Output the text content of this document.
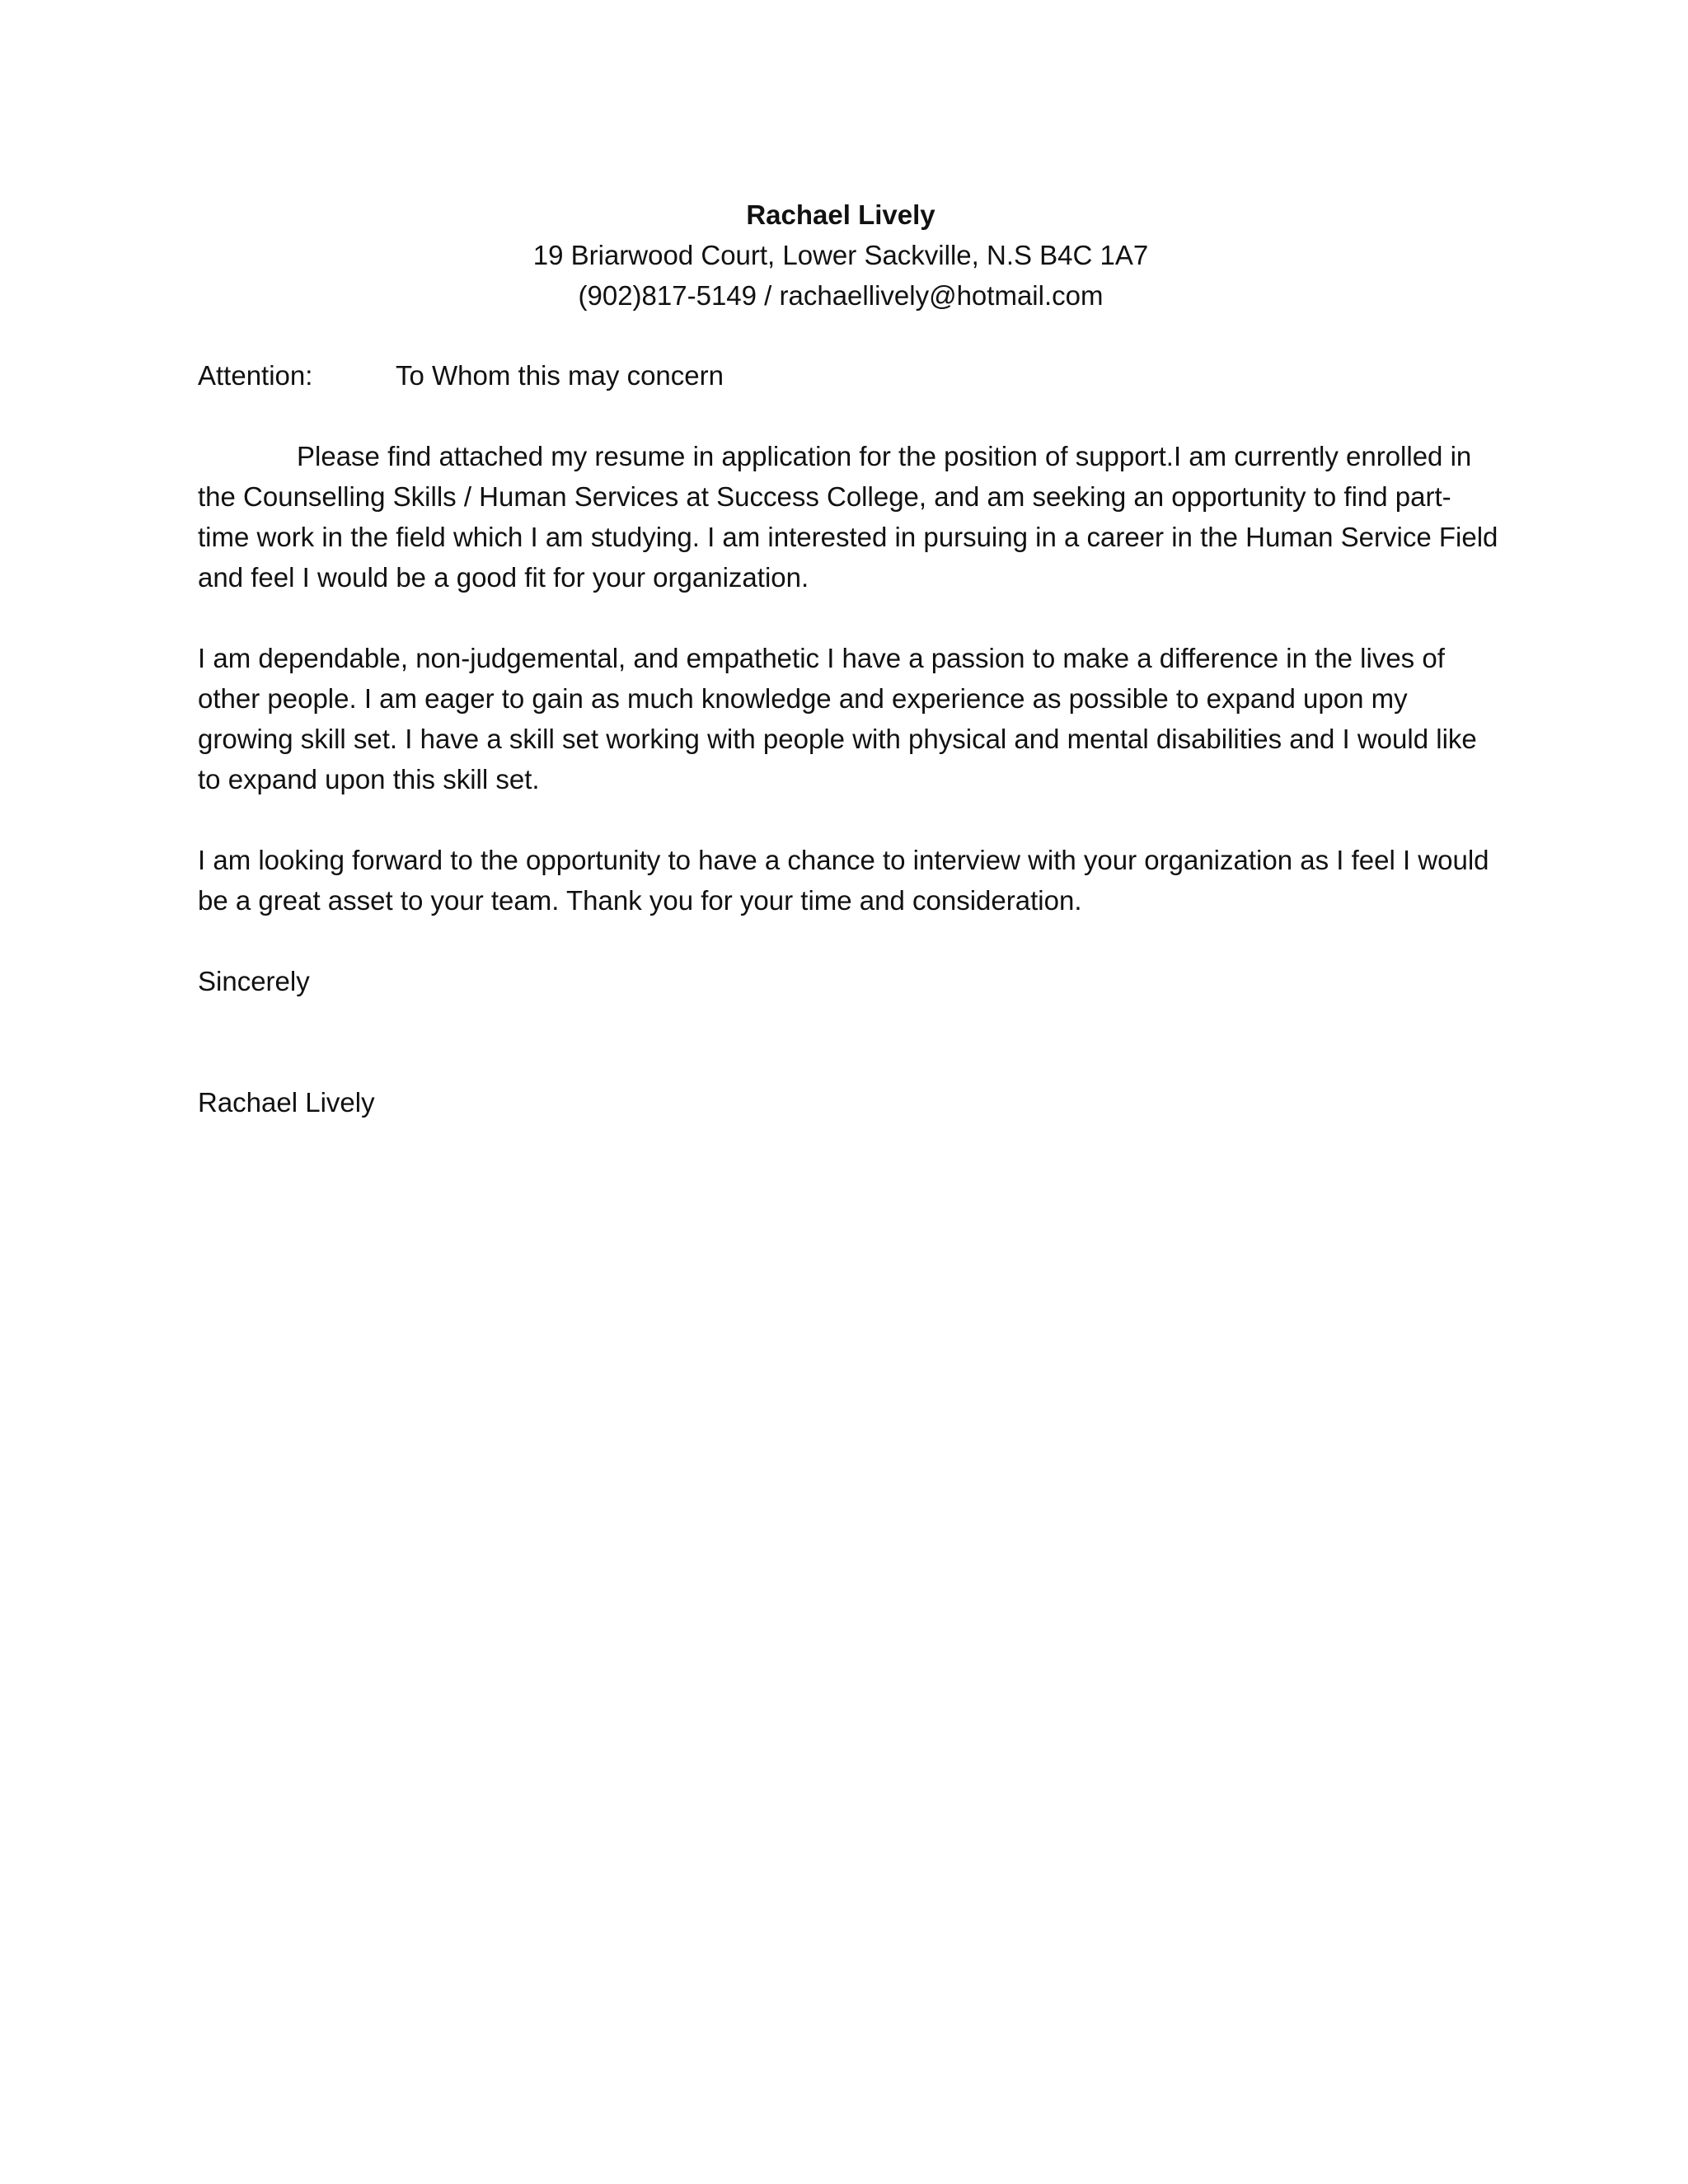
Rachael Lively
19 Briarwood Court, Lower Sackville, N.S B4C 1A7
(902)817-5149 / rachaellively@hotmail.com
Attention:	To Whom this may concern

Please find attached my resume in application for the position of support.I am currently enrolled in the Counselling Skills / Human Services at Success College, and am seeking an opportunity to find part-time work in the field which I am studying. I am interested in pursuing in a career in the Human Service Field and feel I would be a good fit for your organization.

I am dependable, non-judgemental, and empathetic I have a passion to make a difference in the lives of other people. I am eager to gain as much knowledge and experience as possible to expand upon my growing skill set. I have a skill set working with people with physical and mental disabilities and I would like to expand upon this skill set.

I am looking forward to the opportunity to have a chance to interview with your organization as I feel I would be a great asset to your team. Thank you for your time and consideration.

Sincerely
Rachael Lively
